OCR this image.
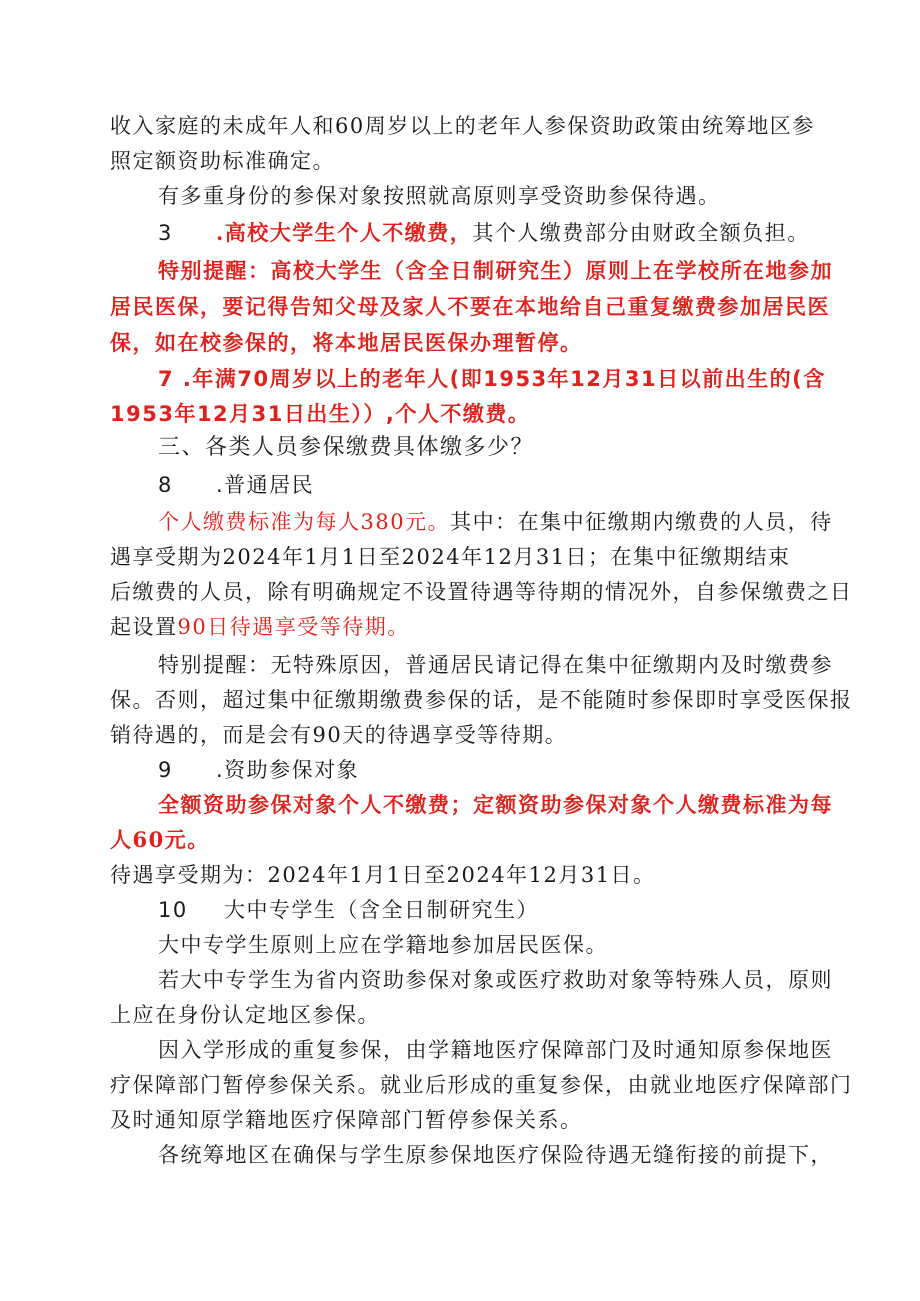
收入家庭的未成年人和60周岁以上的老年人参保资助政策由统筹地区参
照定额资助标准确定。
有多重身份的参保对象按照就高原则享受资助参保待遇。
3 .高校大学生个人不缴费，其个人缴费部分由财政全额负担。
特别提醒：高校大学生（含全日制研究生）原则上在学校所在地参加
居民医保，要记得告知父母及家人不要在本地给自己重复缴费参加居民医
保，如在校参保的，将本地居民医保办理暂停。
7 .年满70周岁以上的老年人(即1953年12月31日以前出生的(含
1953年12月31日出生））,个人不缴费。
三、各类人员参保缴费具体缴多少？
8 .普通居民
个人缴费标准为每人380元。其中：在集中征缴期内缴费的人员，待
遇享受期为2024年1月1日至2024年12月31日；在集中征缴期结束
后缴费的人员，除有明确规定不设置待遇等待期的情况外，自参保缴费之日
起设置90日待遇享受等待期。
特别提醒：无特殊原因，普通居民请记得在集中征缴期内及时缴费参
保。否则，超过集中征缴期缴费参保的话，是不能随时参保即时享受医保报
销待遇的，而是会有90天的待遇享受等待期。
9 .资助参保对象
全额资助参保对象个人不缴费；定额资助参保对象个人缴费标准为每
人60元。
待遇享受期为：2024年1月1日至2024年12月31日。
10 大中专学生（含全日制研究生）
大中专学生原则上应在学籍地参加居民医保。
若大中专学生为省内资助参保对象或医疗救助对象等特殊人员，原则
上应在身份认定地区参保。
因入学形成的重复参保，由学籍地医疗保障部门及时通知原参保地医
疗保障部门暂停参保关系。就业后形成的重复参保，由就业地医疗保障部门
及时通知原学籍地医疗保障部门暂停参保关系。
各统筹地区在确保与学生原参保地医疗保险待遇无缝衔接的前提下，
